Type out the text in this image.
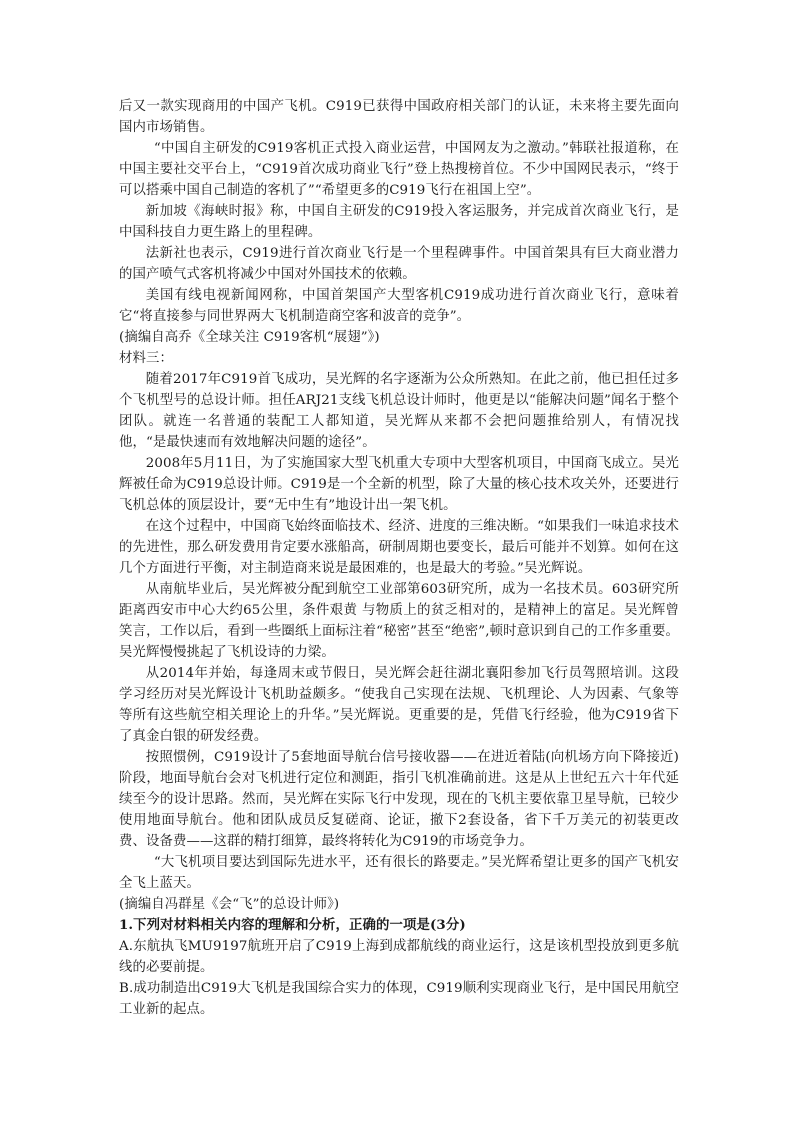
后又一款实现商用的中国产飞机。C919已获得中国政府相关部门的认证，未来将主要先面向国内市场销售。

“中国自主研发的C919客机正式投入商业运营，中国网友为之激动。”韩联社报道称，在中国主要社交平台上，“C919首次成功商业飞行”登上热搜榜首位。不少中国网民表示，“终于可以搭乘中国自己制造的客机了”“希望更多的C919飞行在祖国上空”。

新加坡《海峡时报》称，中国自主研发的C919投入客运服务，并完成首次商业飞行，是中国科技自力更生路上的里程碑。

法新社也表示，C919进行首次商业飞行是一个里程碑事件。中国首架具有巨大商业潜力的国产喷气式客机将减少中国对外国技术的依赖。

美国有线电视新闻网称，中国首架国产大型客机C919成功进行首次商业飞行，意味着它“将直接参与同世界两大飞机制造商空客和波音的竞争”。

(摘编自高乔《全球关注 C919客机“展翅”》)

材料三：

随着2017年C919首飞成功，吴光辉的名字逐渐为公众所熟知。在此之前，他已担任过多个飞机型号的总设计师。担任ARJ21支线飞机总设计师时，他更是以“能解决问题”闻名于整个团队。就连一名普通的装配工人都知道，吴光辉从来都不会把问题推给别人，有情况找他，“是最快速而有效地解决问题的途径”。

2008年5月11日，为了实施国家大型飞机重大专项中大型客机项目，中国商飞成立。吴光辉被任命为C919总设计师。C919是一个全新的机型，除了大量的核心技术攻关外，还要进行飞机总体的顶层设计，要“无中生有”地设计出一架飞机。

在这个过程中，中国商飞始终面临技术、经济、进度的三维决断。“如果我们一味追求技术的先进性，那么研发费用肯定要水涨船高，研制周期也要变长，最后可能并不划算。如何在这几个方面进行平衡，对主制造商来说是最困难的，也是最大的考验。”吴光辉说。

从南航毕业后，吴光辉被分配到航空工业部第603研究所，成为一名技术员。603研究所距离西安市中心大约65公里，条件艰黄 与物质上的贫乏相对的，是精神上的富足。吴光辉曾笑言，工作以后，看到一些圈纸上面标注着“秘密”甚至“绝密”,顿时意识到自己的工作多重要。吴光辉慢慢挑起了飞机设诗的力梁。

从2014年并始，每逢周末或节假日，吴光辉会赶往湖北襄阳参加飞行员驾照培训。这段学习经历对吴光辉设计飞机助益颇多。“使我自己实现在法规、飞机理论、人为因素、气象等等所有这些航空相关理论上的升华。”吴光辉说。更重要的是，凭借飞行经验，他为C919省下了真金白银的研发经费。

按照惯例，C919设计了5套地面导航台信号接收器——在进近着陆(向机场方向下降接近)阶段，地面导航台会对飞机进行定位和测距，指引飞机准确前进。这是从上世纪五六十年代延续至今的设计思路。然而，吴光辉在实际飞行中发现，现在的飞机主要依靠卫星导航，已较少使用地面导航台。他和团队成员反复磋商、论证，撤下2套设备，省下千万美元的初装更改费、设备费——这群的精打细算，最终将转化为C919的市场竞争力。

“大飞机项目要达到国际先进水平，还有很长的路要走。”吴光辉希望让更多的国产飞机安全飞上蓝天。

(摘编自冯群星《会“飞”的总设计师》)

1.下列对材料相关内容的理解和分析，正确的一项是(3分)

A.东航执飞MU9197航班开启了C919上海到成都航线的商业运行，这是该机型投放到更多航线的必要前提。

B.成功制造出C919大飞机是我国综合实力的体现，C919顺利实现商业飞行，是中国民用航空工业新的起点。
